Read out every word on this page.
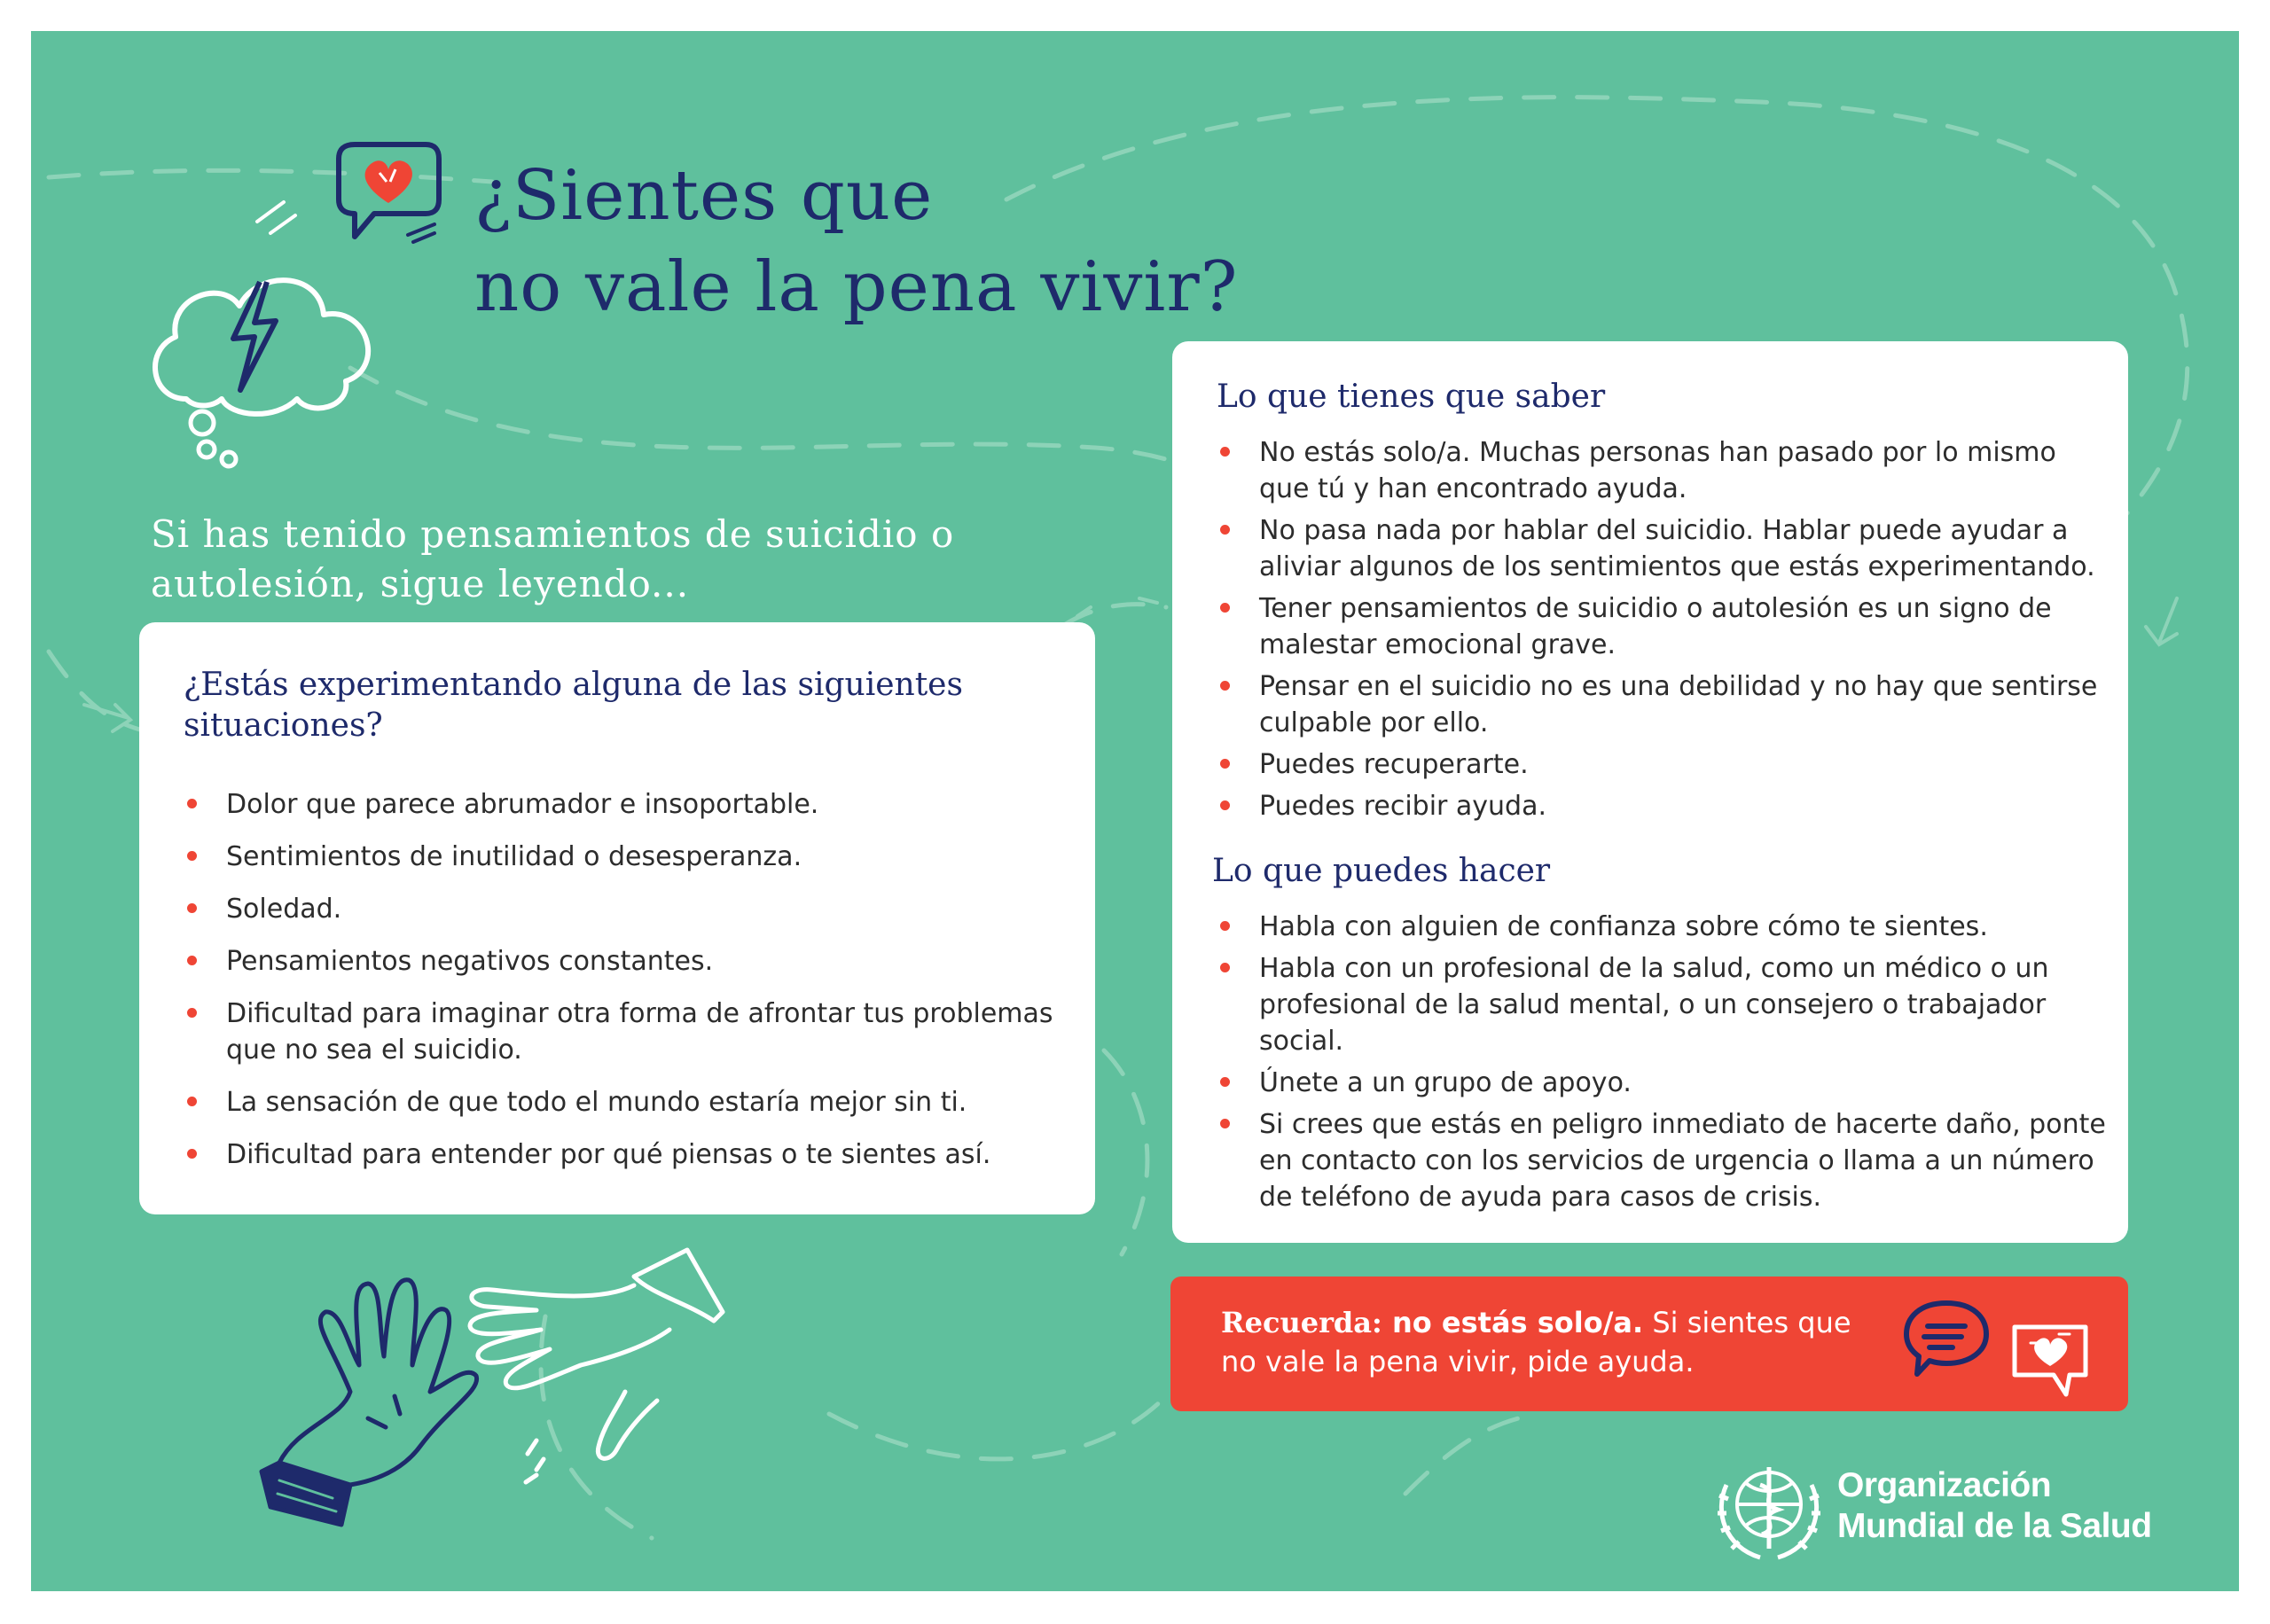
¿Sientes que
no vale la pena vivir?
Si has tenido pensamientos de suicidio o
autolesión, sigue leyendo...
¿Estás experimentando alguna de las siguientes situaciones?
Dolor que parece abrumador e insoportable.
Sentimientos de inutilidad o desesperanza.
Soledad.
Pensamientos negativos constantes.
Dificultad para imaginar otra forma de afrontar tus problemas que no sea el suicidio.
La sensación de que todo el mundo estaría mejor sin ti.
Dificultad para entender por qué piensas o te sientes así.
Lo que tienes que saber
No estás solo/a. Muchas personas han pasado por lo mismo que tú y han encontrado ayuda.
No pasa nada por hablar del suicidio. Hablar puede ayudar a aliviar algunos de los sentimientos que estás experimentando.
Tener pensamientos de suicidio o autolesión es un signo de malestar emocional grave.
Pensar en el suicidio no es una debilidad y no hay que sentirse culpable por ello.
Puedes recuperarte.
Puedes recibir ayuda.
Lo que puedes hacer
Habla con alguien de confianza sobre cómo te sientes.
Habla con un profesional de la salud, como un médico o un profesional de la salud mental, o un consejero o trabajador social.
Únete a un grupo de apoyo.
Si crees que estás en peligro inmediato de hacerte daño, ponte en contacto con los servicios de urgencia o llama a un número de teléfono de ayuda para casos de crisis.
Recuerda: no estás solo/a. Si sientes que no vale la pena vivir, pide ayuda.
Organización
Mundial de la Salud
